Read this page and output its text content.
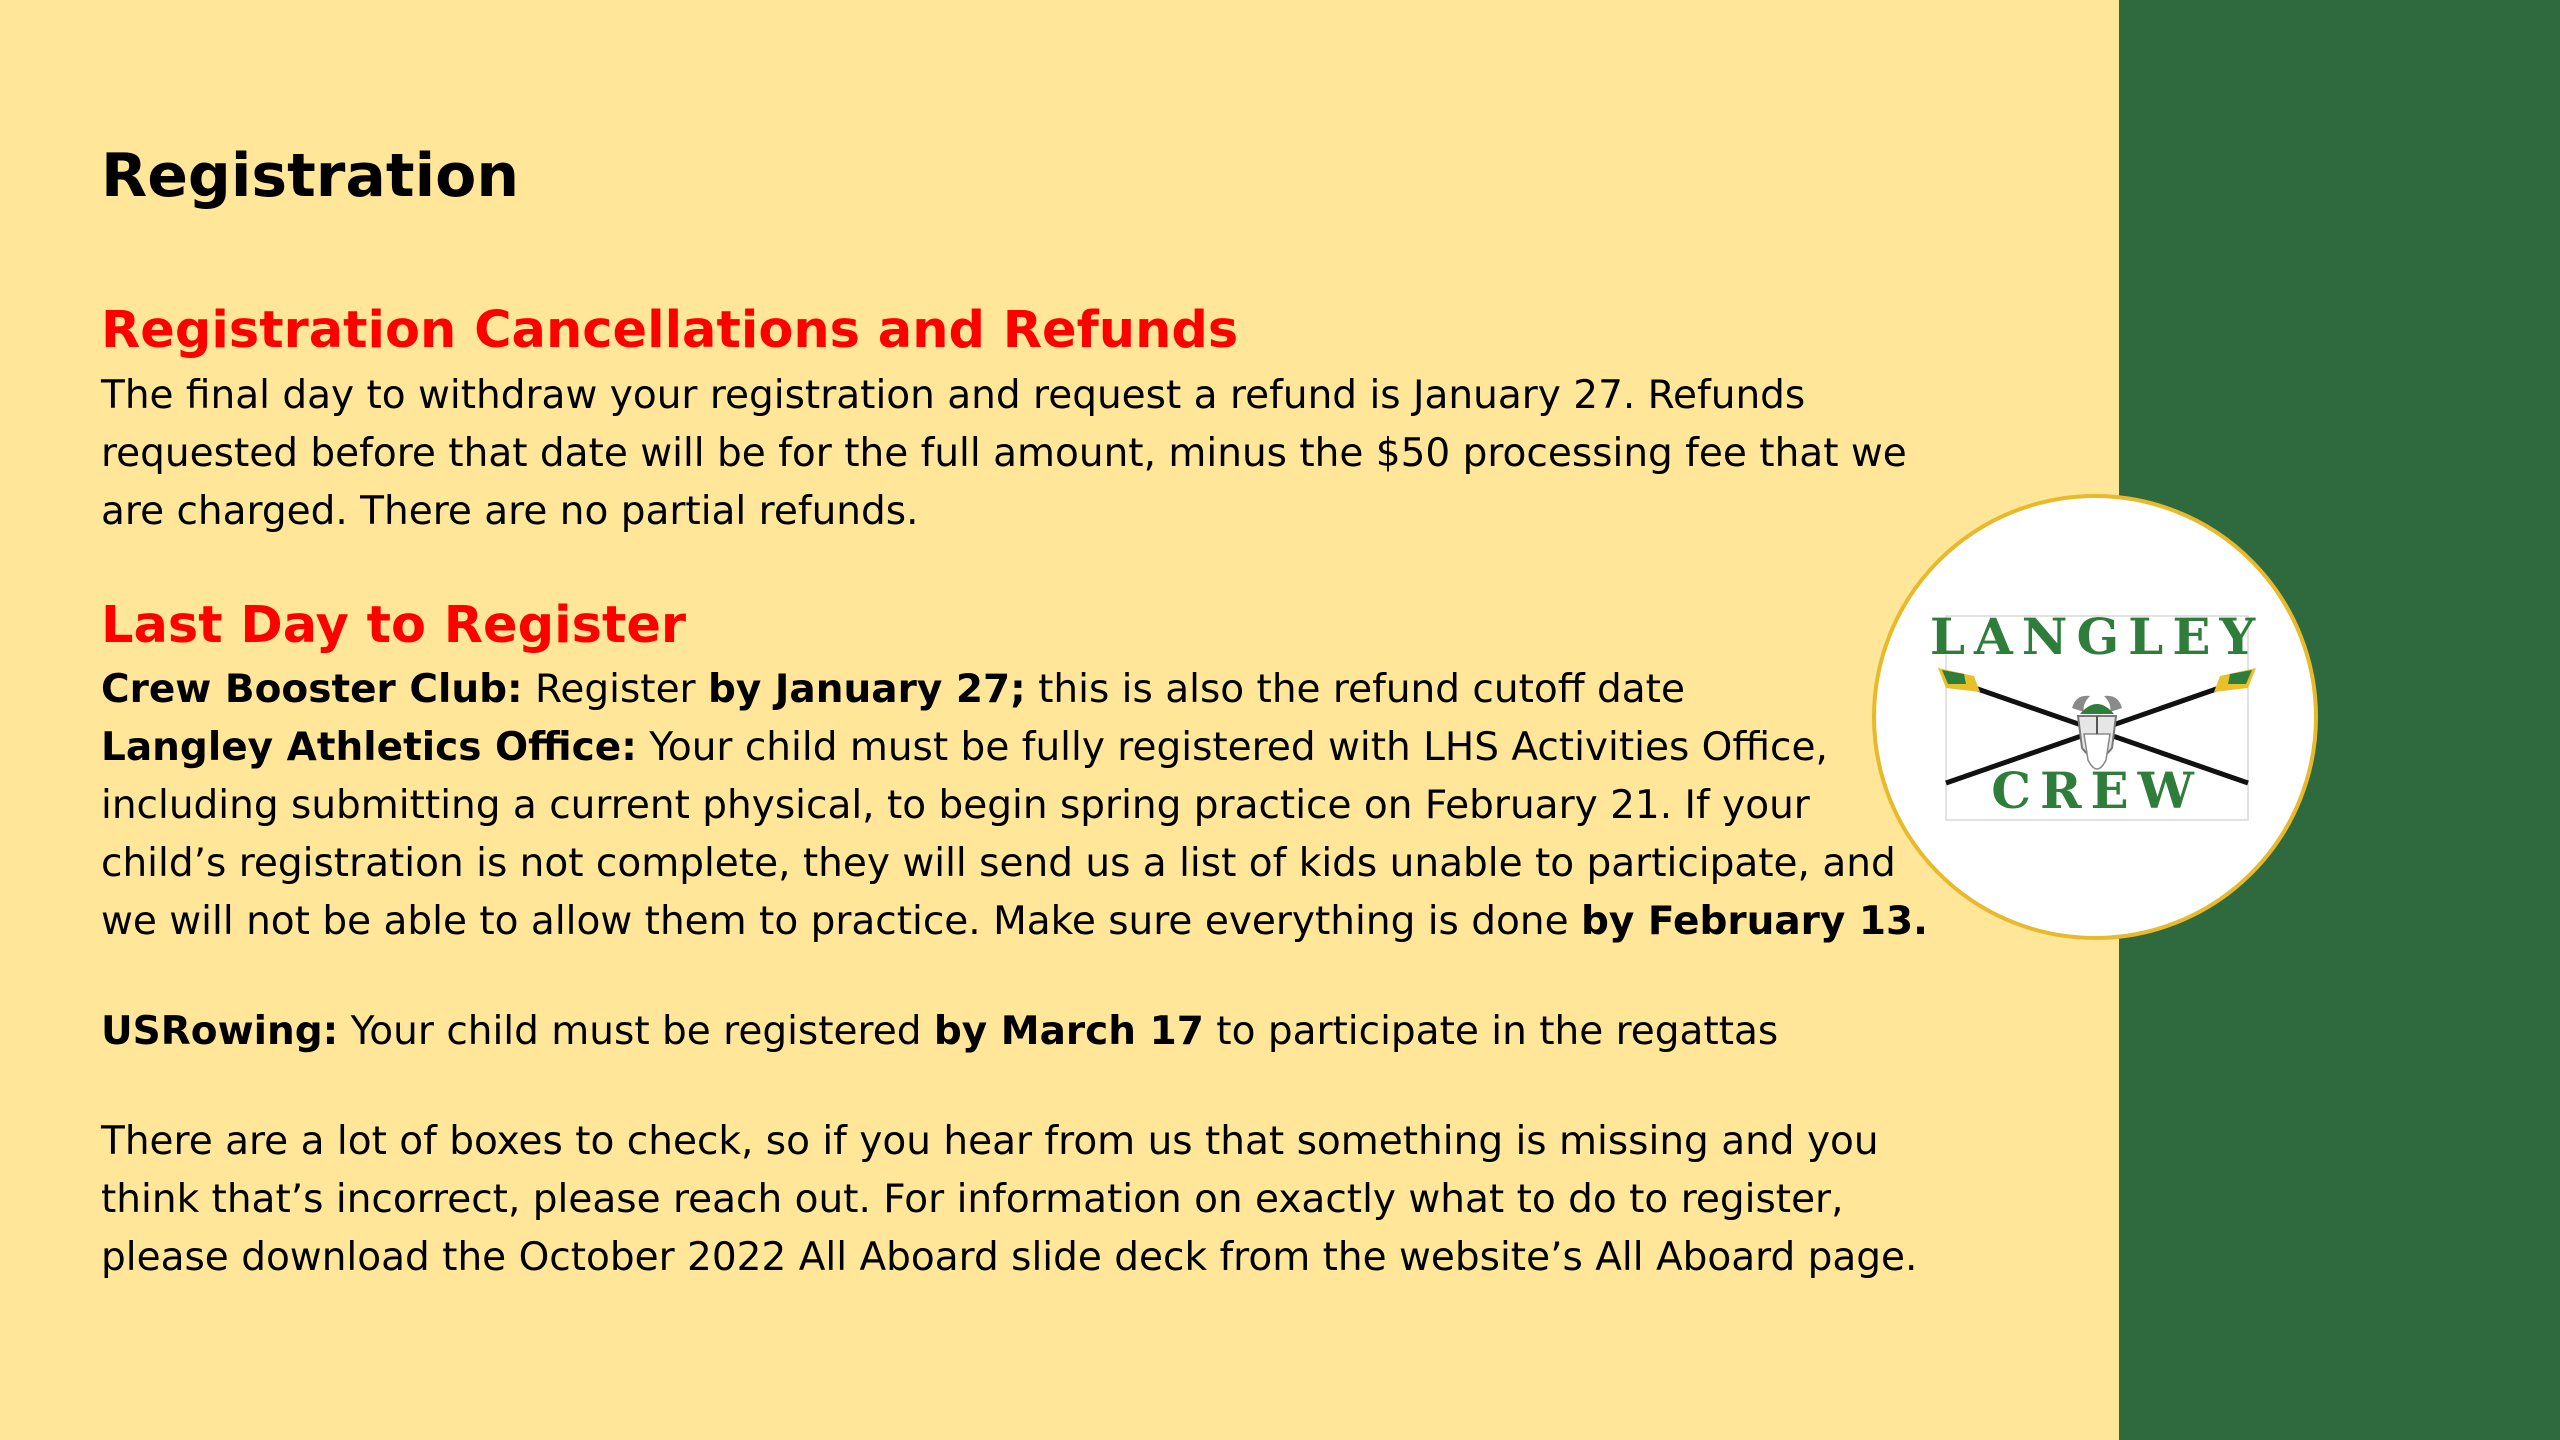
Registration
Registration Cancellations and Refunds

The final day to withdraw your registration and request a refund is January 27. Refunds requested before that date will be for the full amount, minus the $50 processing fee that we are charged. There are no partial refunds.

Last Day to Register

Crew Booster Club: Register by January 27; this is also the refund cutoff date

Langley Athletics Office: Your child must be fully registered with LHS Activities Office, including submitting a current physical, to begin spring practice on February 21. If your child’s registration is not complete, they will send us a list of kids unable to participate, and we will not be able to allow them to practice. Make sure everything is done by February 13.

USRowing: Your child must be registered by March 17 to participate in the regattas

There are a lot of boxes to check, so if you hear from us that something is missing and you think that’s incorrect, please reach out. For information on exactly what to do to register, please download the October 2022 All Aboard slide deck from the website’s All Aboard page.

LANGLEY
CREW
